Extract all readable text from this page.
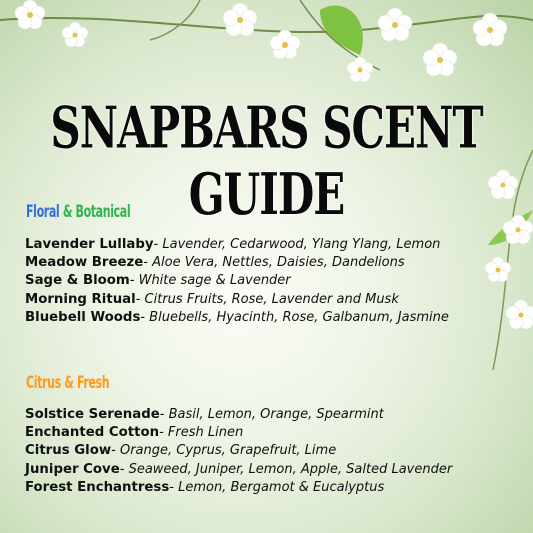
SNAPBARS SCENT GUIDE
Floral & Botanical
Lavender Lullaby- Lavender, Cedarwood, Ylang Ylang, Lemon
Meadow Breeze- Aloe Vera, Nettles, Daisies, Dandelions
Sage & Bloom- White sage & Lavender
Morning Ritual- Citrus Fruits, Rose, Lavender and Musk
Bluebell Woods- Bluebells, Hyacinth, Rose, Galbanum, Jasmine
Citrus & Fresh
Solstice Serenade- Basil, Lemon, Orange, Spearmint
Enchanted Cotton- Fresh Linen
Citrus Glow- Orange, Cyprus, Grapefruit, Lime
Juniper Cove- Seaweed, Juniper, Lemon, Apple, Salted Lavender
Forest Enchantress- Lemon, Bergamot & Eucalyptus
